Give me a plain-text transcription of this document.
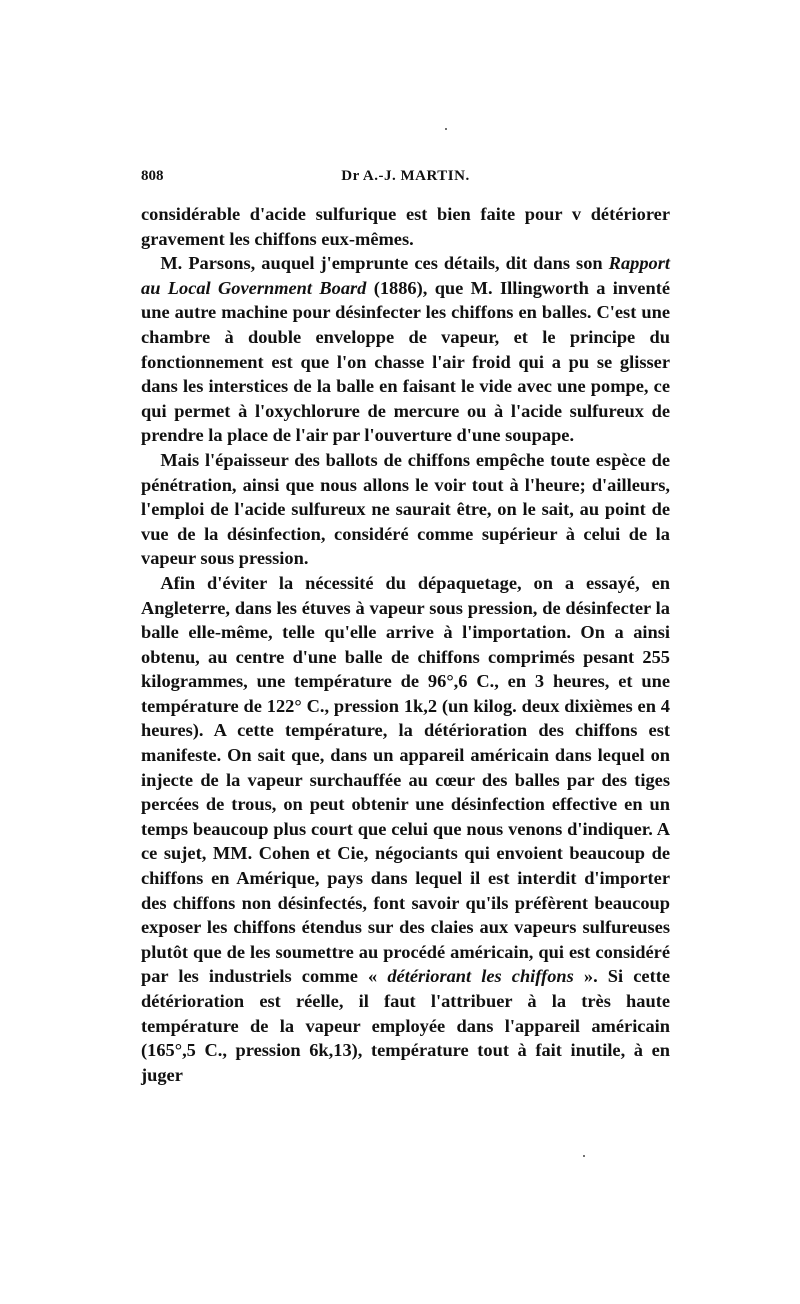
808	Dr A.-J. MARTIN.

considérable d'acide sulfurique est bien faite pour v détériorer gravement les chiffons eux-mêmes.

M. Parsons, auquel j'emprunte ces détails, dit dans son Rapport au Local Government Board (1886), que M. Illingworth a inventé une autre machine pour désinfecter les chiffons en balles. C'est une chambre à double enveloppe de vapeur, et le principe du fonctionnement est que l'on chasse l'air froid qui a pu se glisser dans les interstices de la balle en faisant le vide avec une pompe, ce qui permet à l'oxychlorure de mercure ou à l'acide sulfureux de prendre la place de l'air par l'ouverture d'une soupape.

Mais l'épaisseur des ballots de chiffons empêche toute espèce de pénétration, ainsi que nous allons le voir tout à l'heure; d'ailleurs, l'emploi de l'acide sulfureux ne saurait être, on le sait, au point de vue de la désinfection, considéré comme supérieur à celui de la vapeur sous pression.

Afin d'éviter la nécessité du dépaquetage, on a essayé, en Angleterre, dans les étuves à vapeur sous pression, de désinfecter la balle elle-même, telle qu'elle arrive à l'importation. On a ainsi obtenu, au centre d'une balle de chiffons comprimés pesant 255 kilogrammes, une température de 96°,6 C., en 3 heures, et une température de 122° C., pression 1k,2 (un kilog. deux dixièmes en 4 heures). A cette température, la détérioration des chiffons est manifeste. On sait que, dans un appareil américain dans lequel on injecte de la vapeur surchauffée au cœur des balles par des tiges percées de trous, on peut obtenir une désinfection effective en un temps beaucoup plus court que celui que nous venons d'indiquer. A ce sujet, MM. Cohen et Cie, négociants qui envoient beaucoup de chiffons en Amérique, pays dans lequel il est interdit d'importer des chiffons non désinfectés, font savoir qu'ils préfèrent beaucoup exposer les chiffons étendus sur des claies aux vapeurs sulfureuses plutôt que de les soumettre au procédé américain, qui est considéré par les industriels comme « détériorant les chiffons ». Si cette détérioration est réelle, il faut l'attribuer à la très haute température de la vapeur employée dans l'appareil américain (165°,5 C., pression 6k,13), température tout à fait inutile, à en juger
